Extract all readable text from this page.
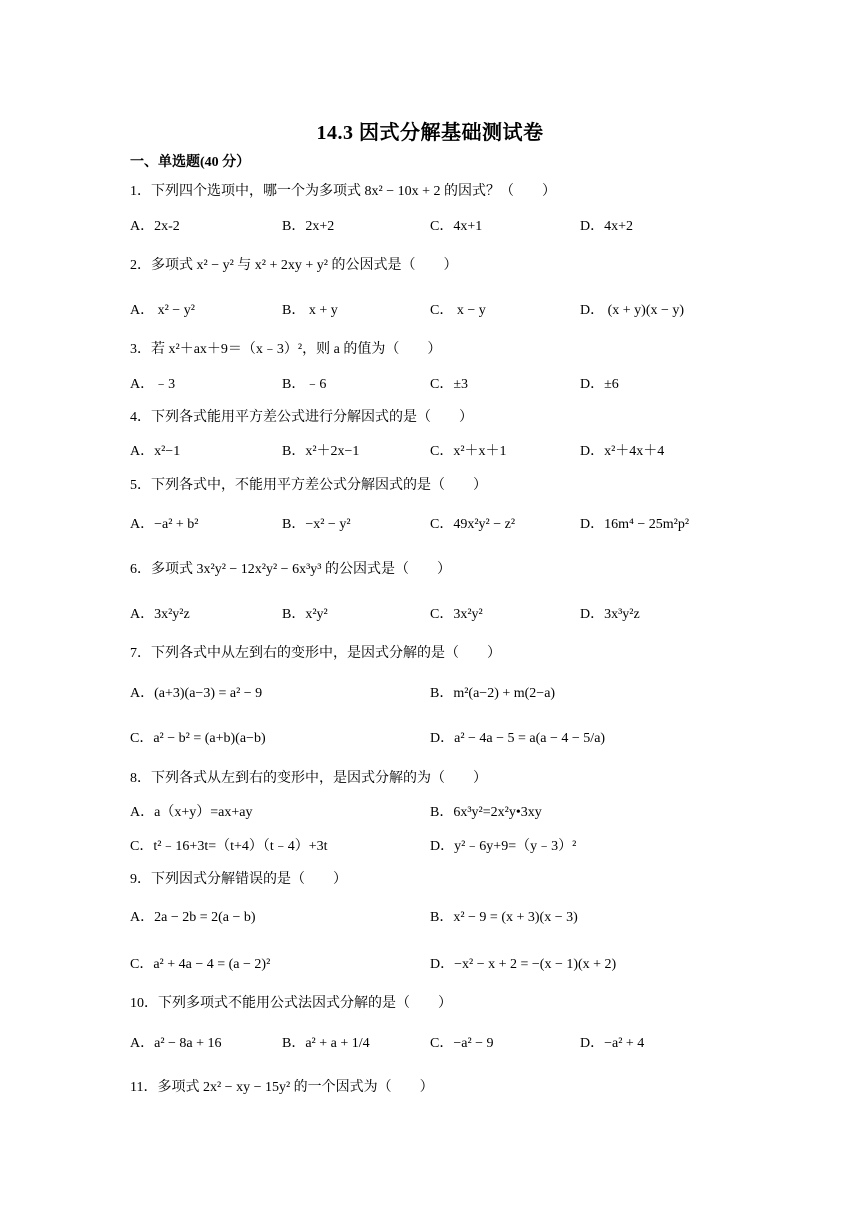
14.3 因式分解基础测试卷
一、单选题(40 分）
1．下列四个选项中，哪一个为多项式 8x² − 10x + 2 的因式？（　　）
A．2x-2	B．2x+2	C．4x+1	D．4x+2
2．多项式 x² − y² 与 x² + 2xy + y² 的公因式是（　　）
A． x² − y²	B． x + y	C． x − y	D． (x + y)(x − y)
3．若 x²＋ax＋9＝（x﹣3）²，则 a 的值为（　　）
A．﹣3	B．﹣6	C．±3	D．±6
4．下列各式能用平方差公式进行分解因式的是（　　）
A．x²−1	B．x²＋2x−1	C．x²＋x＋1	D．x²＋4x＋4
5．下列各式中，不能用平方差公式分解因式的是（　　）
A．−a² + b²	B．−x² − y²	C．49x²y² − z²	D．16m⁴ − 25m²p²
6．多项式 3x²y² − 12x²y² − 6x³y³ 的公因式是（　　）
A．3x²y²z	B．x²y²	C．3x²y²	D．3x³y²z
7．下列各式中从左到右的变形中，是因式分解的是（　　）
A．(a+3)(a−3) = a² − 9	B．m²(a−2) + m(2−a)
C．a² − b² = (a+b)(a−b)	D．a² − 4a − 5 = a(a − 4 − 5/a)
8．下列各式从左到右的变形中，是因式分解的为（　　）
A．a（x+y）=ax+ay	B．6x³y²=2x²y•3xy
C．t²﹣16+3t=（t+4）（t﹣4）+3t	D．y²﹣6y+9=（y﹣3）²
9．下列因式分解错误的是（　　）
A．2a − 2b = 2(a − b)	B．x² − 9 = (x + 3)(x − 3)
C．a² + 4a − 4 = (a − 2)²	D．−x² − x + 2 = −(x − 1)(x + 2)
10．下列多项式不能用公式法因式分解的是（　　）
A．a² − 8a + 16	B．a² + a + 1/4	C．−a² − 9	D．−a² + 4
11．多项式 2x² − xy − 15y² 的一个因式为（　　）
